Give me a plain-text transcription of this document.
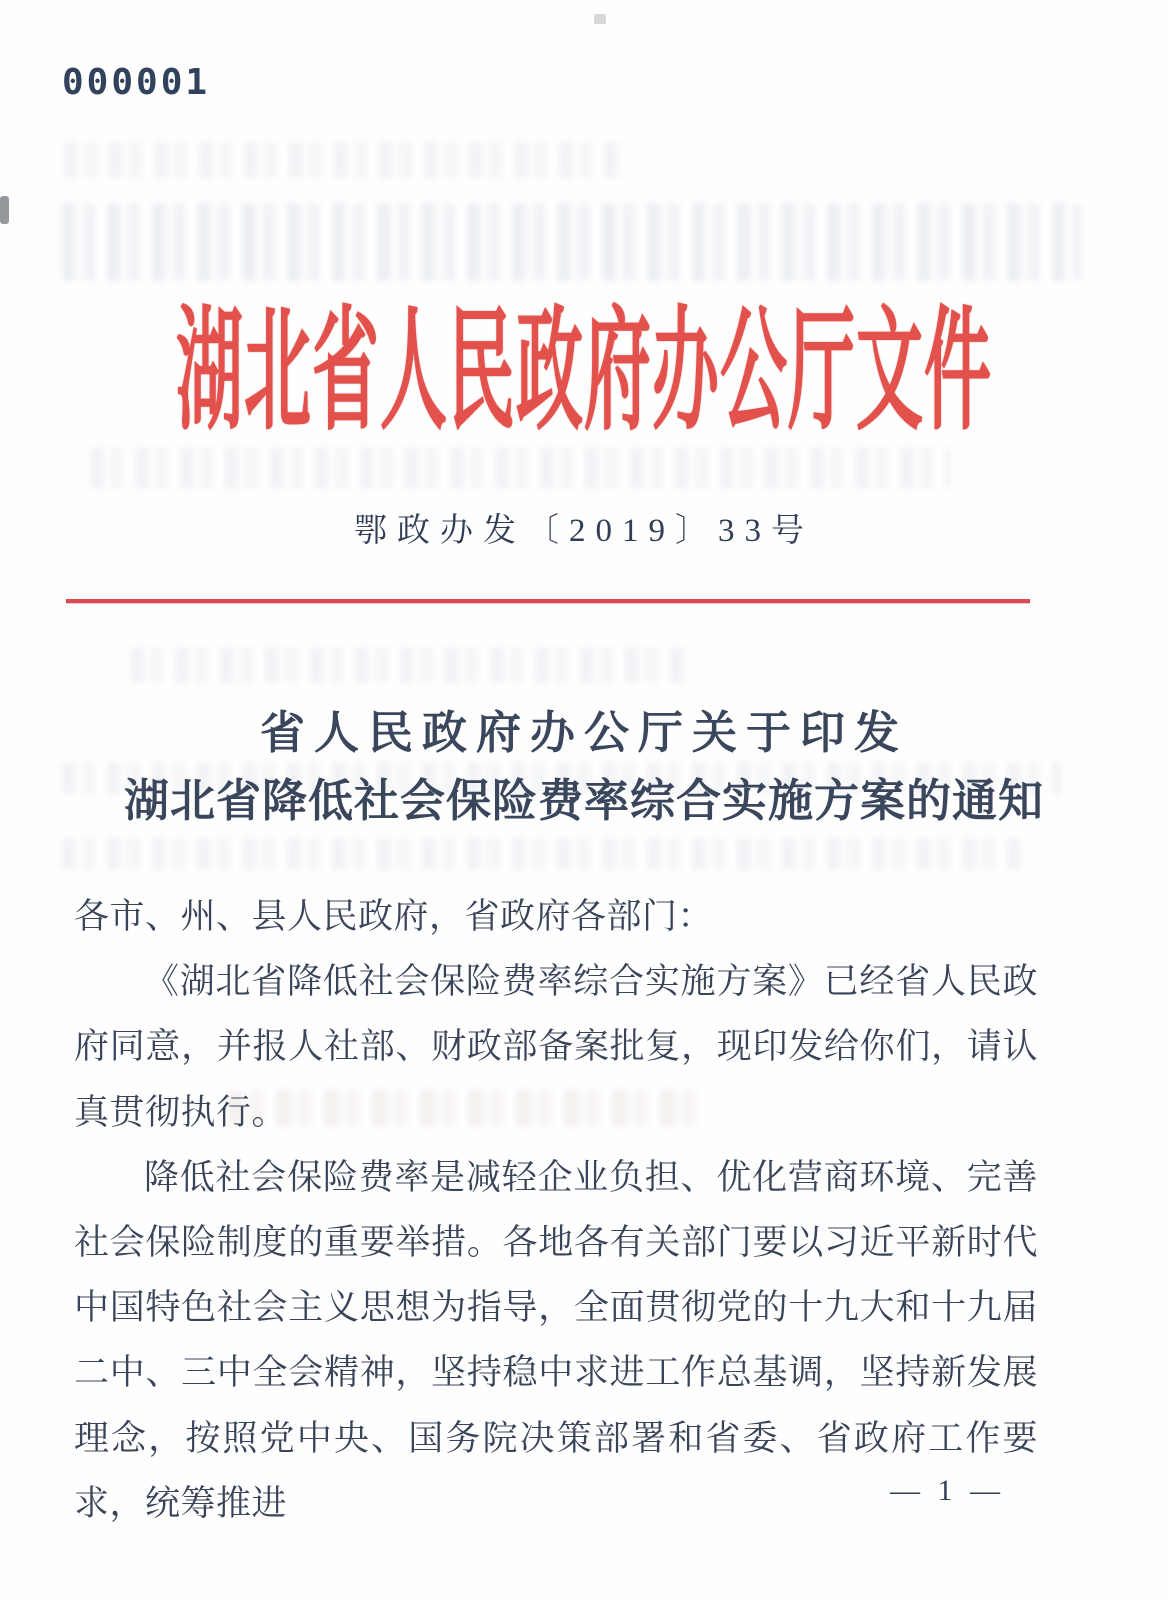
000001
湖北省人民政府办公厅文件
鄂政办发〔2019〕33号
省人民政府办公厅关于印发
湖北省降低社会保险费率综合实施方案的通知

各市、州、县人民政府，省政府各部门：

《湖北省降低社会保险费率综合实施方案》已经省人民政府同意，并报人社部、财政部备案批复，现印发给你们，请认真贯彻执行。

降低社会保险费率是减轻企业负担、优化营商环境、完善社会保险制度的重要举措。各地各有关部门要以习近平新时代中国特色社会主义思想为指导，全面贯彻党的十九大和十九届二中、三中全会精神，坚持稳中求进工作总基调，坚持新发展理念，按照党中央、国务院决策部署和省委、省政府工作要求，统筹推进	— 1 —
